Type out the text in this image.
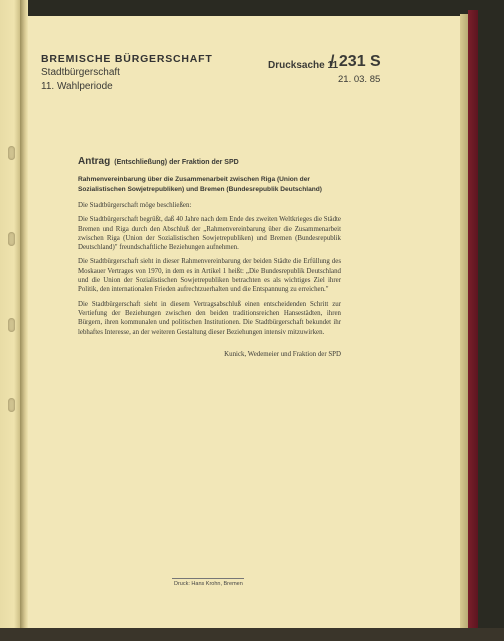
BREMISCHE BÜRGERSCHAFT
Stadtbürgerschaft
11. Wahlperiode
Drucksache 11
/ 231 S
21. 03. 85
Antrag (Entschließung) der Fraktion der SPD
Rahmenvereinbarung über die Zusammenarbeit zwischen Riga (Union der Sozialistischen Sowjetrepubliken) und Bremen (Bundesrepublik Deutschland)

Die Stadtbürgerschaft möge beschließen:

Die Stadtbürgerschaft begrüßt, daß 40 Jahre nach dem Ende des zweiten Weltkrieges die Städte Bremen und Riga durch den Abschluß der „Rahmenvereinbarung über die Zusammenarbeit zwischen Riga (Union der Sozialistischen Sowjetrepubliken) und Bremen (Bundesrepublik Deutschland)" freundschaftliche Beziehungen aufnehmen.

Die Stadtbürgerschaft sieht in dieser Rahmenvereinbarung der beiden Städte die Erfüllung des Moskauer Vertrages von 1970, in dem es in Artikel 1 heißt: „Die Bundesrepublik Deutschland und die Union der Sozialistischen Sowjetrepubliken betrachten es als wichtiges Ziel ihrer Politik, den internationalen Frieden aufrechtzuerhalten und die Entspannung zu erreichen."

Die Stadtbürgerschaft sieht in diesem Vertragsabschluß einen entscheidenden Schritt zur Vertiefung der Beziehungen zwischen den beiden traditionsreichen Hansestädten, ihren Bürgern, ihren kommunalen und politischen Institutionen. Die Stadtbürgerschaft bekundet ihr lebhaftes Interesse, an der weiteren Gestaltung dieser Beziehungen intensiv mitzuwirken.

Kunick, Wedemeier und Fraktion der SPD
Druck: Hans Krohn, Bremen
